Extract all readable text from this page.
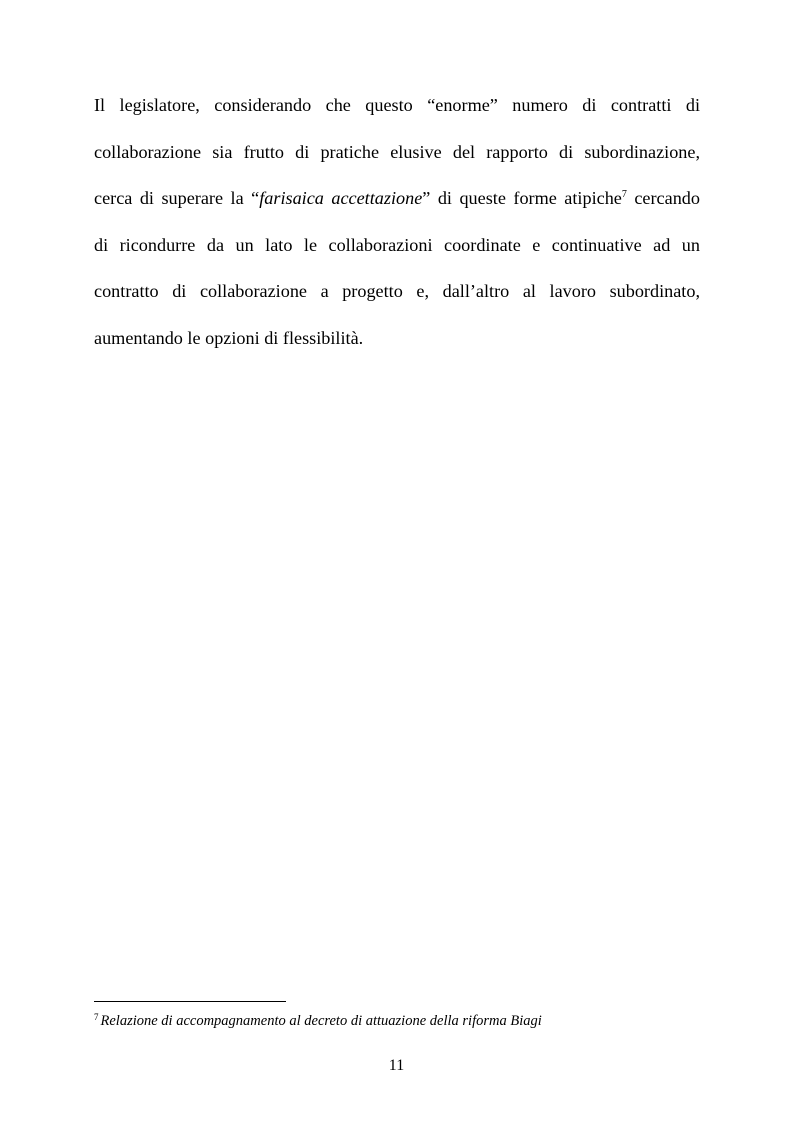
Il legislatore, considerando che questo “enorme” numero di contratti di
collaborazione sia frutto di pratiche elusive del rapporto di subordinazione,
cerca di superare la “farisaica accettazione” di queste forme atipiche$^7$ cercando
di ricondurre da un lato le collaborazioni coordinate e continuative ad un
contratto di collaborazione a progetto e, dall’altro al lavoro subordinato,
aumentando le opzioni di flessibilità.
$^7$ Relazione di accompagnamento al decreto di attuazione della riforma Biagi
11
